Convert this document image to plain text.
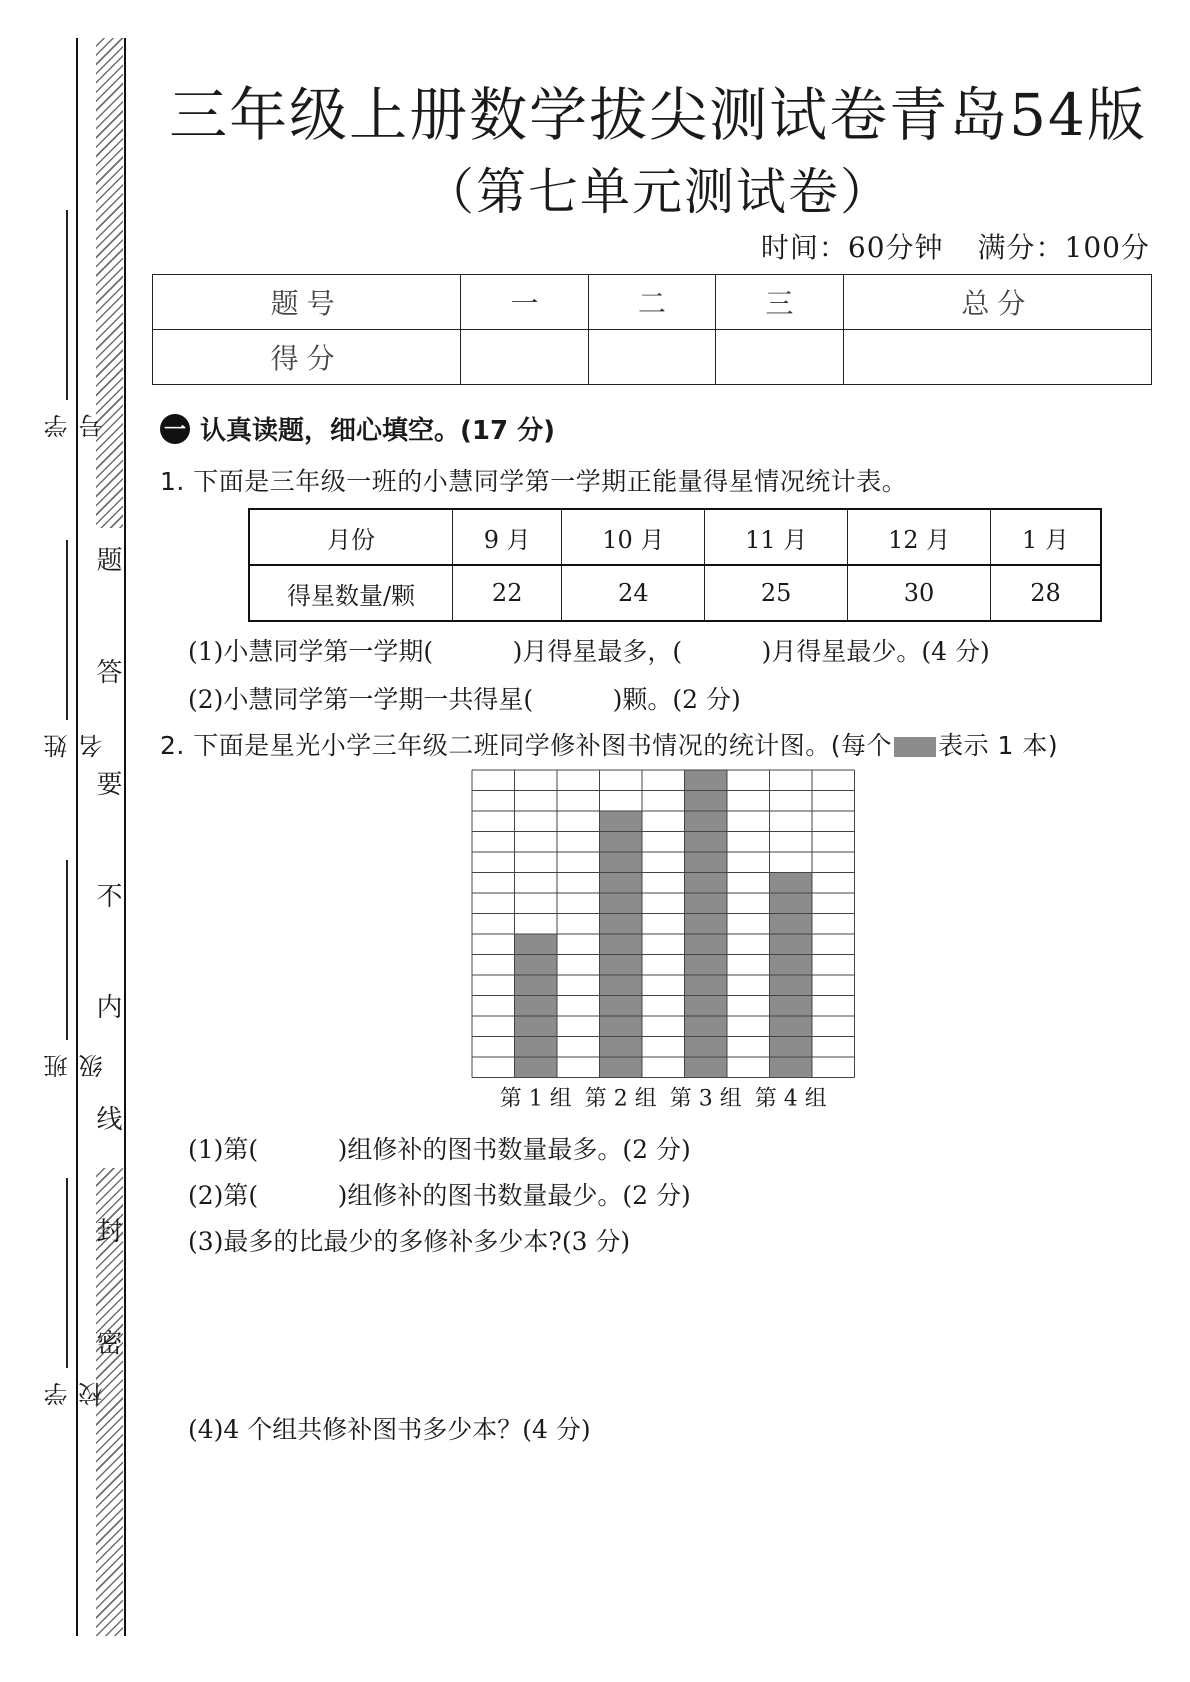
题
答
要
不
内
线
封
密
学号
姓名
班级
学校
三年级上册数学拔尖测试卷青岛54版
（第七单元测试卷）
时间：60分钟 满分：100分
题号	一	二	三	总分
得分				
一 认真读题，细心填空。(17 分)
1. 下面是三年级一班的小慧同学第一学期正能量得星情况统计表。
月份	9 月	10 月	11 月	12 月	1 月
得星数量/颗	22	24	25	30	28
(1)小慧同学第一学期(          )月得星最多，(          )月得星最少。(4 分)
(2)小慧同学第一学期一共得星(          )颗。(2 分)
2. 下面是星光小学三年级二班同学修补图书情况的统计图。(每个 表示 1 本)
第 1 组 第 2 组 第 3 组 第 4 组
(1)第(          )组修补的图书数量最多。(2 分)
(2)第(          )组修补的图书数量最少。(2 分)
(3)最多的比最少的多修补多少本?(3 分)
(4)4 个组共修补图书多少本？(4 分)
